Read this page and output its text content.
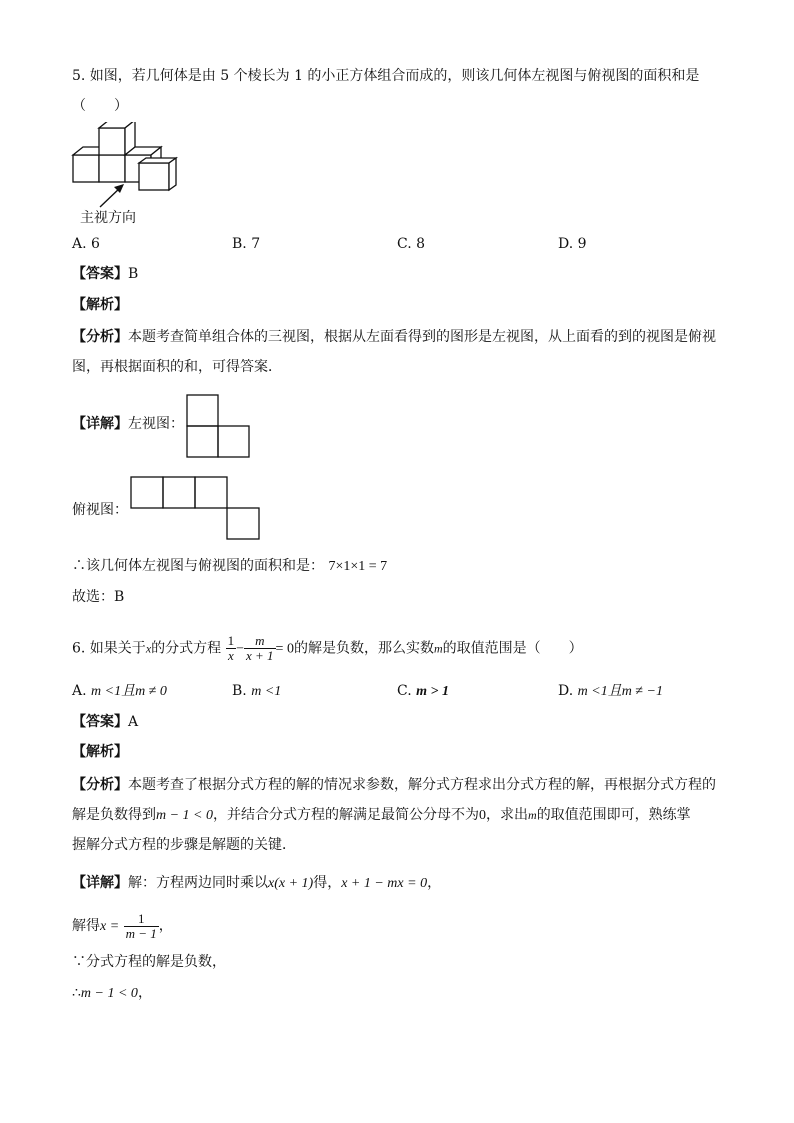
5. 如图，若几何体是由 5 个棱长为 1 的小正方体组合而成的，则该几何体左视图与俯视图的面积和是
（　　）
主视方向
A. 6	B. 7	C. 8	D. 9
【答案】B
【解析】
【分析】本题考查简单组合体的三视图，根据从左面看得到的图形是左视图，从上面看的到的视图是俯视
图，再根据面积的和，可得答案．
【详解】左视图：
俯视图：
∴该几何体左视图与俯视图的面积和是： 7×1×1 = 7
故选：B
6. 如果关于x的分式方程 $\frac{1}{x} - \frac{m}{x + 1} = 0$的解是负数，那么实数m的取值范围是（　　）
A. m <1且m ≠ 0	B. m <1	C. m > 1	D. m <1且m ≠ −1
【答案】A
【解析】
【分析】本题考查了根据分式方程的解的情况求参数，解分式方程求出分式方程的解，再根据分式方程的
解是负数得到m − 1 < 0，并结合分式方程的解满足最简公分母不为0，求出m的取值范围即可，熟练掌
握解分式方程的步骤是解题的关键．
【详解】解：方程两边同时乘以x(x + 1)得，x + 1 − mx = 0，
解得$x = \frac{1}{m - 1}$ ，
∵分式方程的解是负数，
∴m − 1 < 0，
